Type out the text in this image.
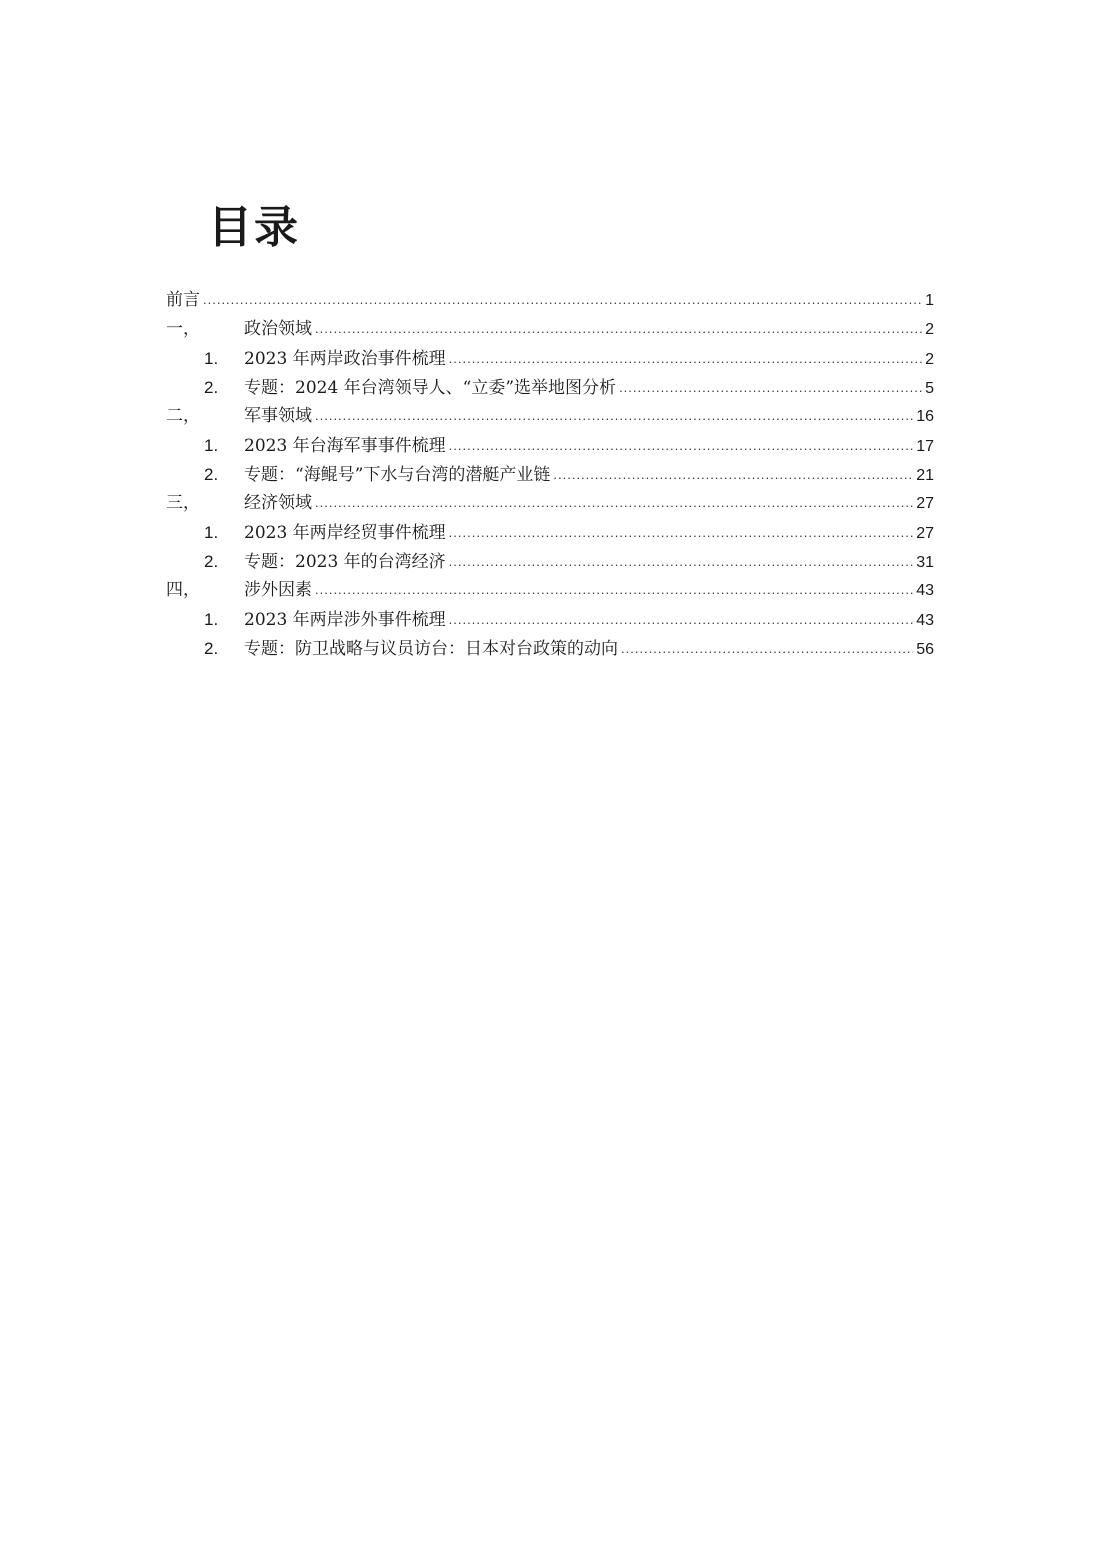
目录
前言 .....	1
一，	政治领域 .....	2
1.	2023 年两岸政治事件梳理 .....	2
2.	专题：2024 年台湾领导人、“立委”选举地图分析 .....	5
二，	军事领域 .....	16
1.	2023 年台海军事事件梳理 .....	17
2.	专题：“海鲲号”下水与台湾的潜艇产业链 .....	21
三，	经济领域 .....	27
1.	2023 年两岸经贸事件梳理 .....	27
2.	专题：2023 年的台湾经济 .....	31
四，	涉外因素 .....	43
1.	2023 年两岸涉外事件梳理 .....	43
2.	专题：防卫战略与议员访台：日本对台政策的动向 .....	56
